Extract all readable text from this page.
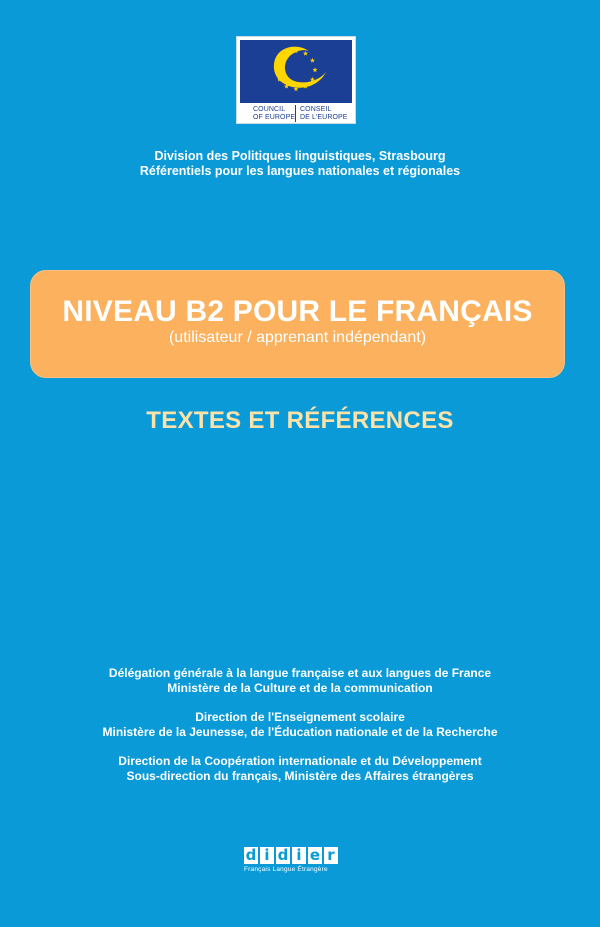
COUNCIL
OF EUROPE
CONSEIL
DE L'EUROPE
Division des Politiques linguistiques, Strasbourg
Référentiels pour les langues nationales et régionales
NIVEAU B2 POUR LE FRANÇAIS
(utilisateur / apprenant indépendant)
TEXTES ET RÉFÉRENCES
Délégation générale à la langue française et aux langues de France
Ministère de la Culture et de la communication
Direction de l'Enseignement scolaire
Ministère de la Jeunesse, de l'Éducation nationale et de la Recherche
Direction de la Coopération internationale et du Développement
Sous-direction du français, Ministère des Affaires étrangères
d i d i e r
Français Langue Étrangère
